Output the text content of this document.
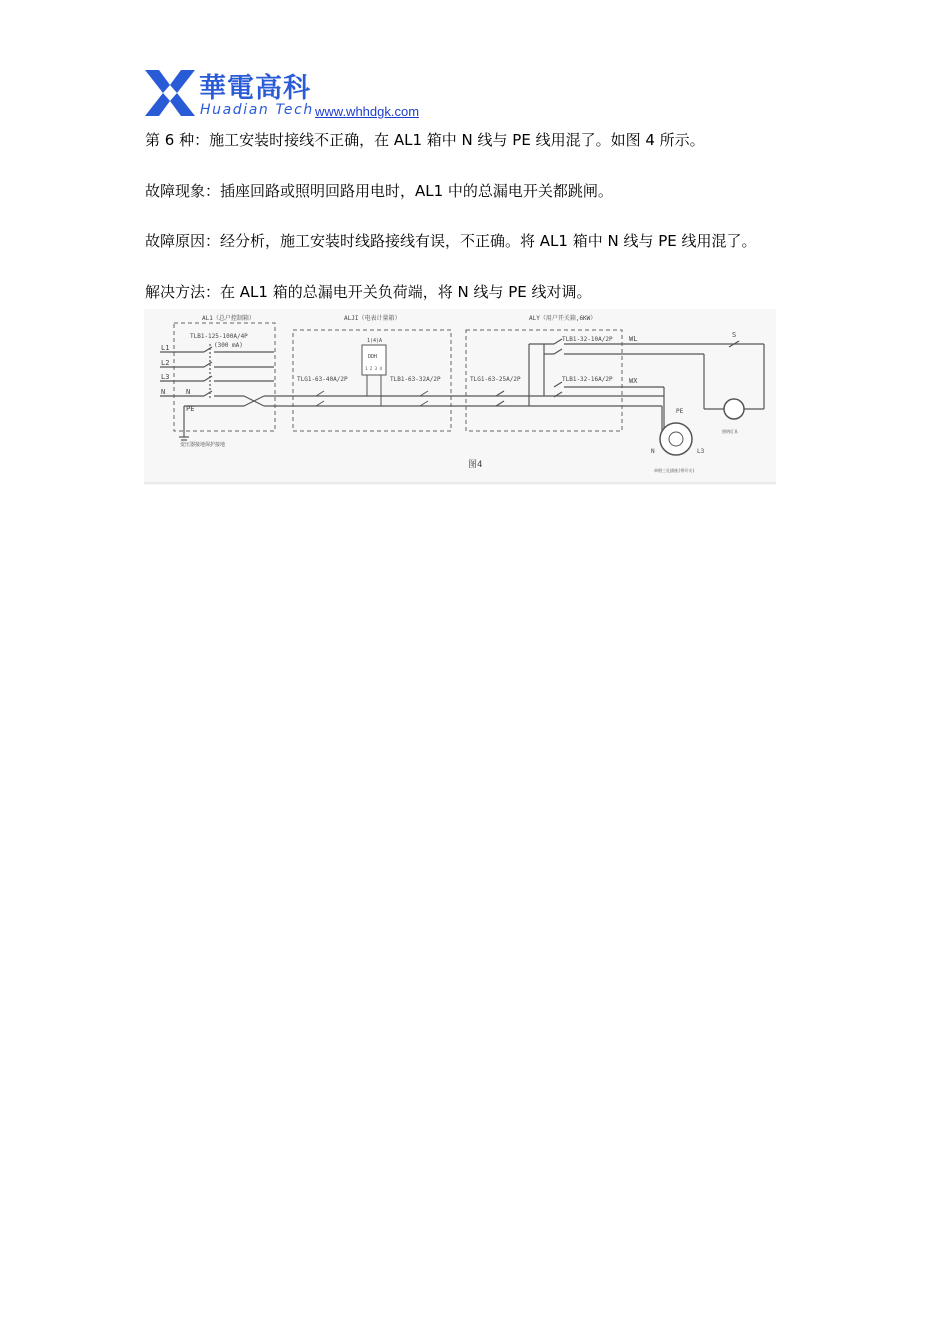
華電高科
Huadian Tech www.whhdgk.com
第 6 种：施工安装时接线不正确，在 AL1 箱中 N 线与 PE 线用混了。如图 4 所示。
故障现象：插座回路或照明回路用电时，AL1 中的总漏电开关都跳闸。
故障原因：经分析，施工安装时线路接线有误，不正确。将 AL1 箱中 N 线与 PE 线用混了。
解决方法：在 AL1 箱的总漏电开关负荷端，将 N 线与 PE 线对调。
AL1（总户控制箱）
TLB1-125-100A/4P
(300 mA)
变压器接地保护接地
L1
L2
L3
N	N
PE
ALJI（电表计量箱）
1(4)A
DDH
1 2 3 4
TLG1-63-40A/2P	TLB1-63-32A/2P
ALY（用户开关箱,6KW）
TLG1-63-25A/2P
TLB1-32-10A/2P
TLB1-32-16A/2P
WL
WX
S
照明灯具
PE
N	L3
单相三孔插座(带开关)
图4
